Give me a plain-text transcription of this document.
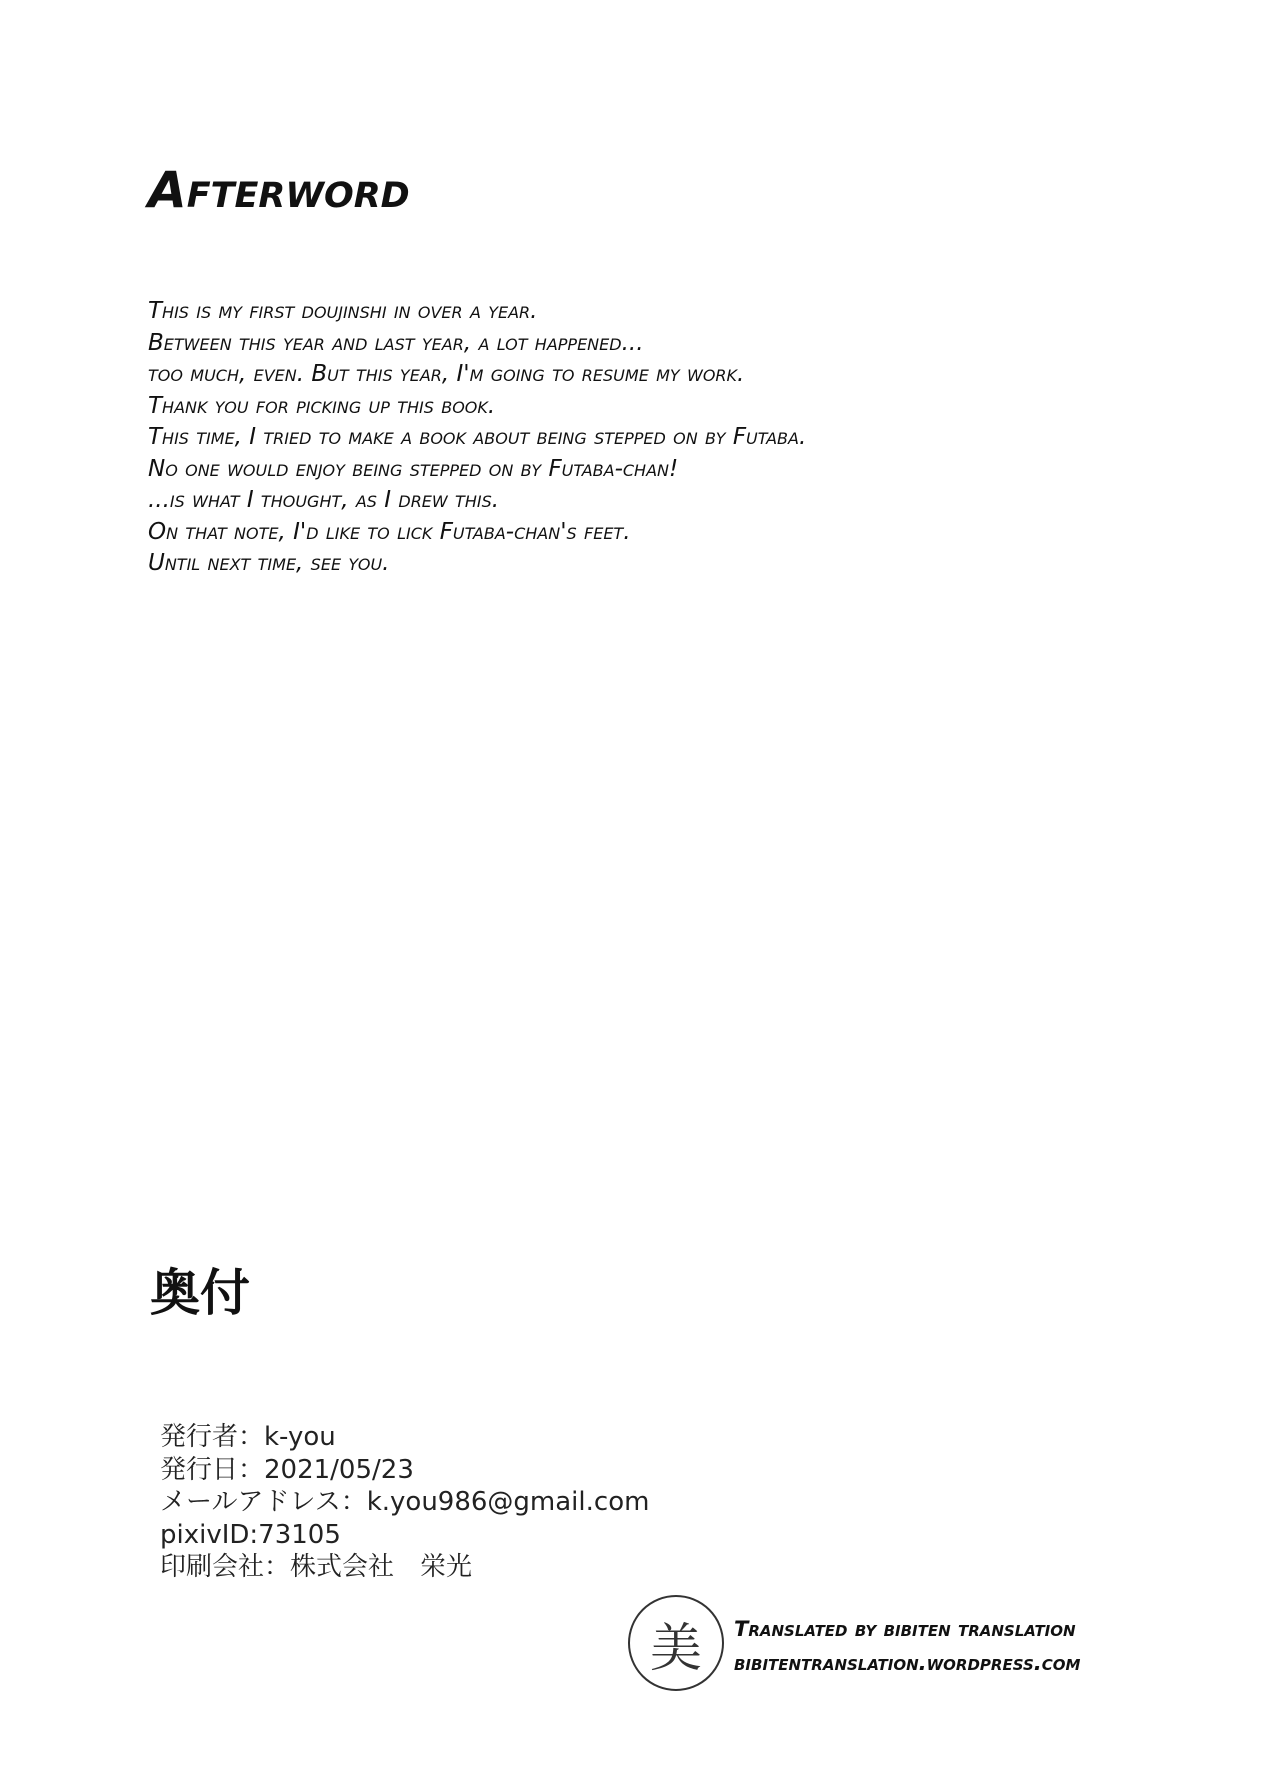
Afterword
This is my first doujinshi in over a year.
Between this year and last year, a lot happened...
too much, even. But this year, I'm going to resume my work.
Thank you for picking up this book.
This time, I tried to make a book about being stepped on by Futaba.
No one would enjoy being stepped on by Futaba-chan!
...is what I thought, as I drew this.
On that note, I'd like to lick Futaba-chan's feet.
Until next time, see you.
奥付
発行者：k-you
発行日：2021/05/23
メールアドレス：k.you986@gmail.com
pixivID:73105
印刷会社：株式会社　栄光
美	Translated by bibiten translation
bibitentranslation.wordpress.com
